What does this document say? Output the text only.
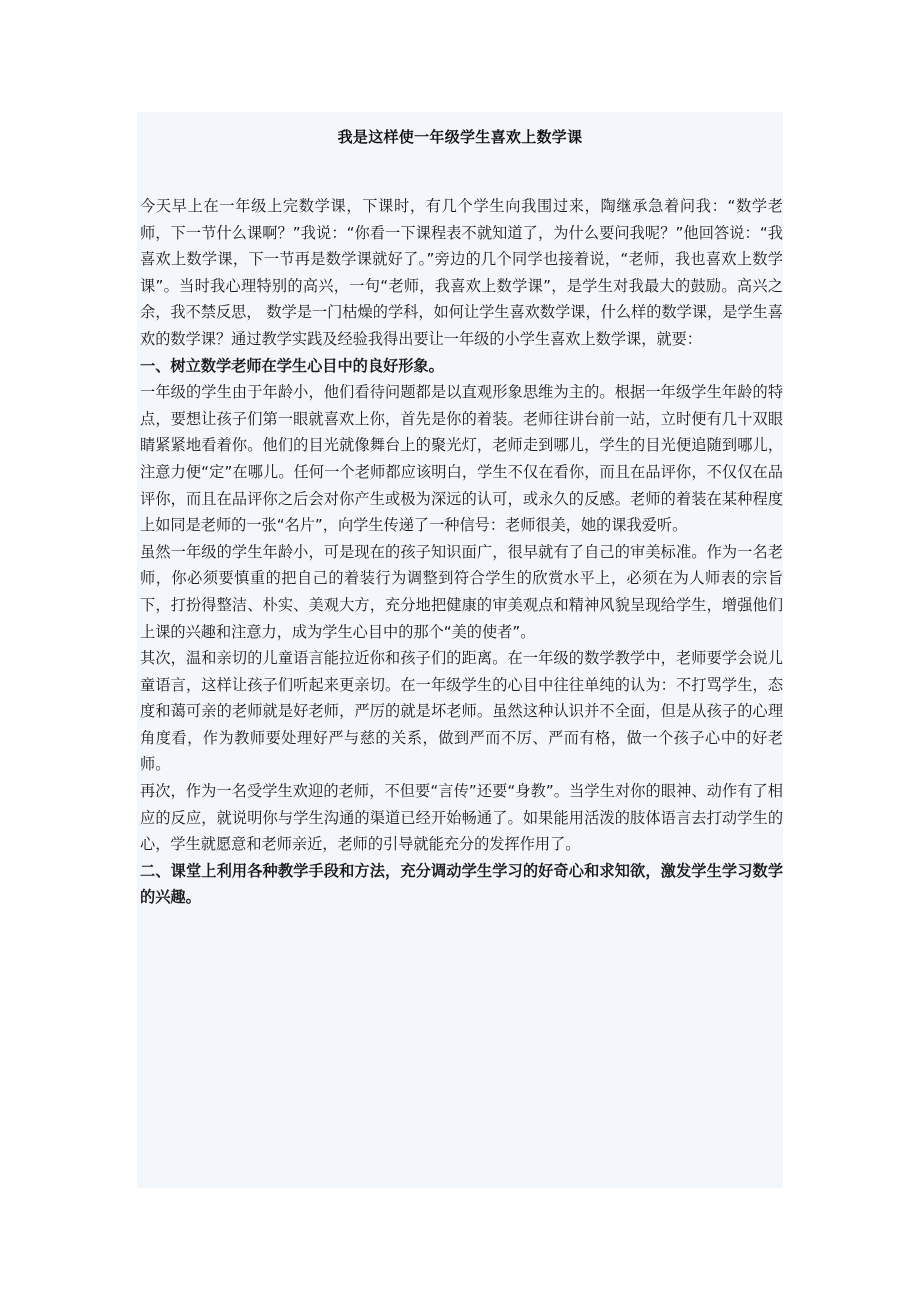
我是这样使一年级学生喜欢上数学课

今天早上在一年级上完数学课，下课时，有几个学生向我围过来，陶继承急着问我：“数学老师，下一节什么课啊？”我说：“你看一下课程表不就知道了，为什么要问我呢？”他回答说：“我喜欢上数学课，下一节再是数学课就好了。”旁边的几个同学也接着说，“老师，我也喜欢上数学课”。当时我心理特别的高兴，一句“老师，我喜欢上数学课”，是学生对我最大的鼓励。高兴之余，我不禁反思， 数学是一门枯燥的学科，如何让学生喜欢数学课，什么样的数学课，是学生喜欢的数学课？通过教学实践及经验我得出要让一年级的小学生喜欢上数学课，就要：

一、树立数学老师在学生心目中的良好形象。

一年级的学生由于年龄小，他们看待问题都是以直观形象思维为主的。根据一年级学生年龄的特点，要想让孩子们第一眼就喜欢上你，首先是你的着装。老师往讲台前一站，立时便有几十双眼睛紧紧地看着你。他们的目光就像舞台上的聚光灯，老师走到哪儿，学生的目光便追随到哪儿，注意力便“定”在哪儿。任何一个老师都应该明白，学生不仅在看你，而且在品评你，不仅仅在品评你，而且在品评你之后会对你产生或极为深远的认可，或永久的反感。老师的着装在某种程度上如同是老师的一张“名片”，向学生传递了一种信号：老师很美，她的课我爱听。

虽然一年级的学生年龄小，可是现在的孩子知识面广，很早就有了自己的审美标准。作为一名老师，你必须要慎重的把自己的着装行为调整到符合学生的欣赏水平上，必须在为人师表的宗旨下，打扮得整洁、朴实、美观大方，充分地把健康的审美观点和精神风貌呈现给学生，增强他们上课的兴趣和注意力，成为学生心目中的那个“美的使者”。

其次，温和亲切的儿童语言能拉近你和孩子们的距离。在一年级的数学教学中，老师要学会说儿童语言，这样让孩子们听起来更亲切。在一年级学生的心目中往往单纯的认为：不打骂学生，态度和蔼可亲的老师就是好老师，严厉的就是坏老师。虽然这种认识并不全面，但是从孩子的心理角度看，作为教师要处理好严与慈的关系，做到严而不厉、严而有格，做一个孩子心中的好老师。

再次，作为一名受学生欢迎的老师，不但要“言传”还要“身教”。当学生对你的眼神、动作有了相应的反应，就说明你与学生沟通的渠道已经开始畅通了。如果能用活泼的肢体语言去打动学生的心，学生就愿意和老师亲近，老师的引导就能充分的发挥作用了。

二、课堂上利用各种教学手段和方法，充分调动学生学习的好奇心和求知欲，激发学生学习数学的兴趣。
